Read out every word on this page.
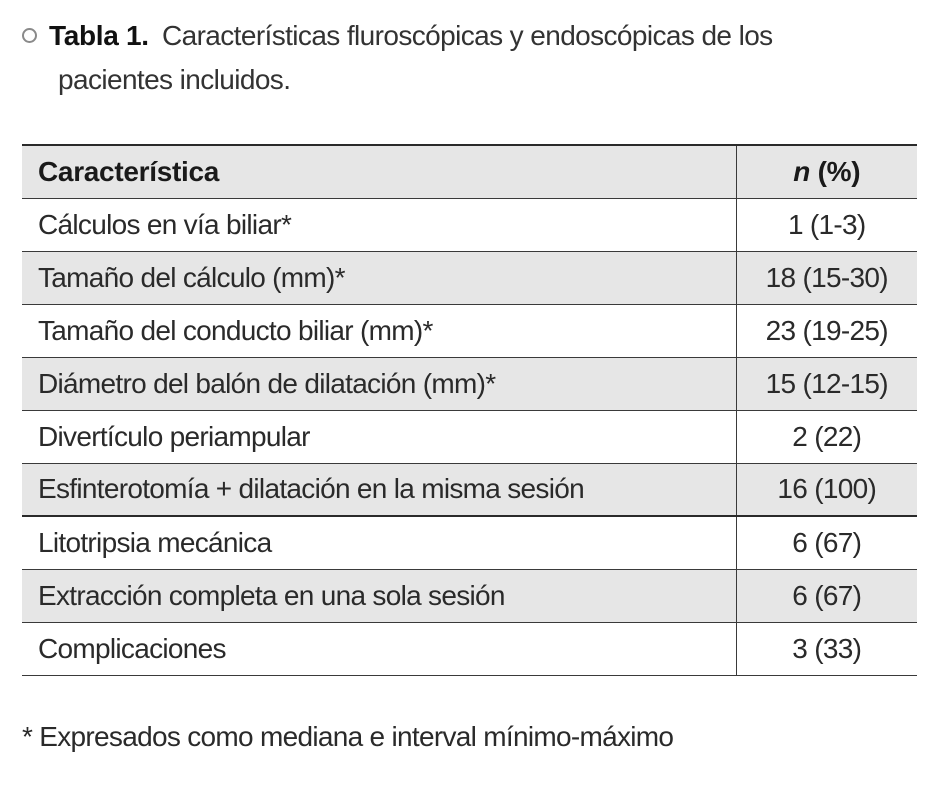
Tabla 1. Características fluroscópicas y endoscópicas de los
pacientes incluidos.
Característica	n (%)
Cálculos en vía biliar*	1 (1-3)
Tamaño del cálculo (mm)*	18 (15-30)
Tamaño del conducto biliar (mm)*	23 (19-25)
Diámetro del balón de dilatación (mm)*	15 (12-15)
Divertículo periampular	2 (22)
Esfinterotomía + dilatación en la misma sesión	16 (100)
Litotripsia mecánica	6 (67)
Extracción completa en una sola sesión	6 (67)
Complicaciones	3 (33)
* Expresados como mediana e interval mínimo-máximo
